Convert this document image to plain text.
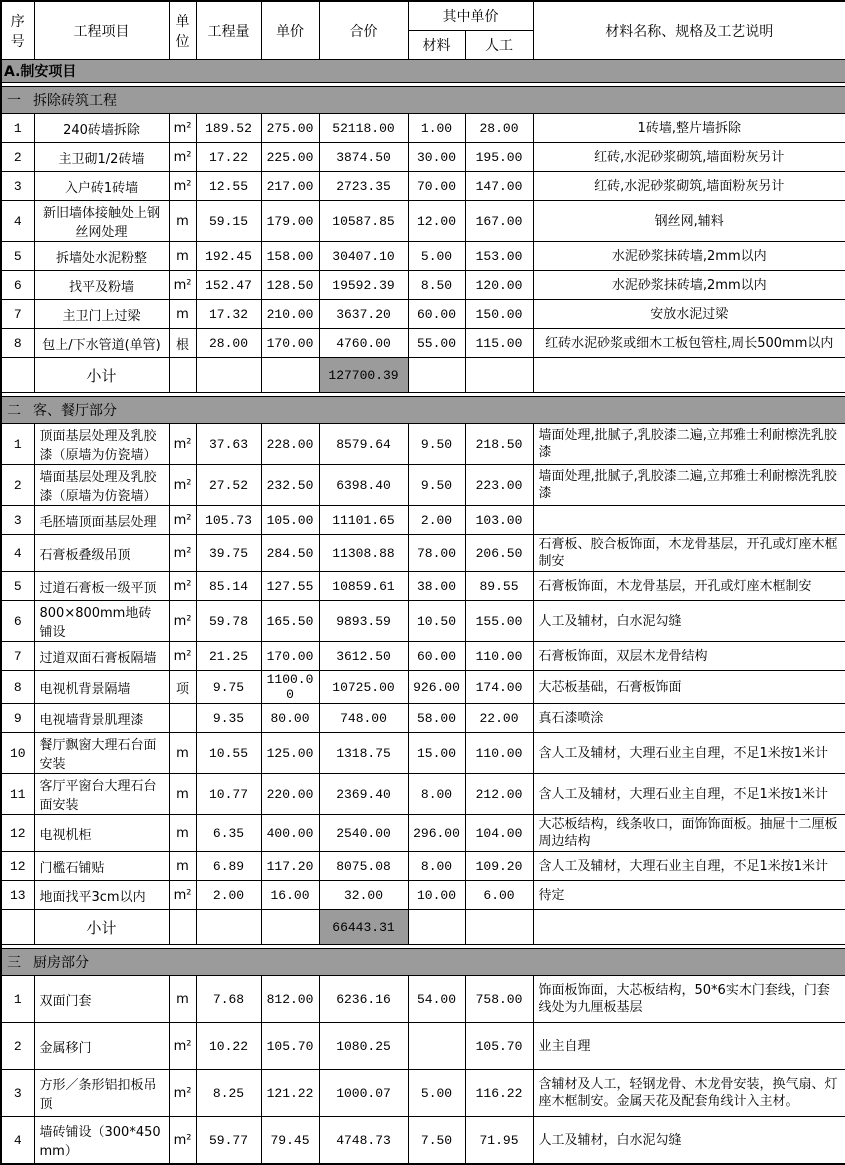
序号	工程项目	单位	工程量	单价	合价	其中单价		材料名称、规格及工艺说明
						材料	人工	
A.制安项目								

一 拆除砖筑工程								
1	240砖墙拆除	m²	189.52	275.00	52118.00	1.00	28.00	1砖墙,整片墙拆除

2	主卫砌1/2砖墙	m²	17.22	225.00	3874.50	30.00	195.00	红砖,水泥砂浆砌筑,墙面粉灰另计

3	入户砖1砖墙	m²	12.55	217.00	2723.35	70.00	147.00	红砖,水泥砂浆砌筑,墙面粉灰另计

4	新旧墙体接触处上钢丝网处理	m	59.15	179.00	10587.85	12.00	167.00	钢丝网,辅料

5	拆墙处水泥粉整	m	192.45	158.00	30407.10	5.00	153.00	水泥砂浆抹砖墙,2mm以内

6	找平及粉墙	m²	152.47	128.50	19592.39	8.50	120.00	水泥砂浆抹砖墙,2mm以内

7	主卫门上过梁	m	17.32	210.00	3637.20	60.00	150.00	安放水泥过梁

8	包上/下水管道(单管)	根	28.00	170.00	4760.00	55.00	115.00	红砖水泥砂浆或细木工板包管柱,周长500mm以内

	小计				127700.39			

二 客、餐厅部分								
1	顶面基层处理及乳胶漆（原墙为仿瓷墙）	m²	37.63	228.00	8579.64	9.50	218.50	墙面处理,批腻子,乳胶漆二遍,立邦雅士利耐檫洗乳胶漆

2	墙面基层处理及乳胶漆（原墙为仿瓷墙）	m²	27.52	232.50	6398.40	9.50	223.00	墙面处理,批腻子,乳胶漆二遍,立邦雅士利耐檫洗乳胶漆

3	毛胚墙顶面基层处理	m²	105.73	105.00	11101.65	2.00	103.00	

4	石膏板叠级吊顶	m²	39.75	284.50	11308.88	78.00	206.50	石膏板、胶合板饰面，木龙骨基层，开孔或灯座木框制安

5	过道石膏板一级平顶	m²	85.14	127.55	10859.61	38.00	89.55	石膏板饰面，木龙骨基层，开孔或灯座木框制安

6	800×800mm地砖铺设	m²	59.78	165.50	9893.59	10.50	155.00	人工及辅材，白水泥勾缝

7	过道双面石膏板隔墙	m²	21.25	170.00	3612.50	60.00	110.00	石膏板饰面，双层木龙骨结构

8	电视机背景隔墙	项	9.75	1100.00	10725.00	926.00	174.00	大芯板基础，石膏板饰面

9	电视墙背景肌理漆		9.35	80.00	748.00	58.00	22.00	真石漆喷涂

10	餐厅飘窗大理石台面安装	m	10.55	125.00	1318.75	15.00	110.00	含人工及辅材，大理石业主自理，不足1米按1米计

11	客厅平窗台大理石台面安装	m	10.77	220.00	2369.40	8.00	212.00	含人工及辅材，大理石业主自理，不足1米按1米计

12	电视机柜	m	6.35	400.00	2540.00	296.00	104.00	大芯板结构，线条收口，面饰饰面板。抽屉十二厘板周边结构

12	门檻石铺贴	m	6.89	117.20	8075.08	8.00	109.20	含人工及辅材，大理石业主自理，不足1米按1米计

13	地面找平3cm以内	m²	2.00	16.00	32.00	10.00	6.00	待定

	小计				66443.31			

三 厨房部分								
1	双面门套	m	7.68	812.00	6236.16	54.00	758.00	饰面板饰面，大芯板结构，50*6实木门套线，门套线处为九厘板基层

2	金属移门	m²	10.22	105.70	1080.25		105.70	业主自理

3	方形／条形铝扣板吊顶	m²	8.25	121.22	1000.07	5.00	116.22	含辅材及人工，轻钢龙骨、木龙骨安装，换气扇、灯座木框制安。金属天花及配套角线计入主材。

4	墙砖铺设（300*450mm）	m²	59.77	79.45	4748.73	7.50	71.95	人工及辅材，白水泥勾缝
